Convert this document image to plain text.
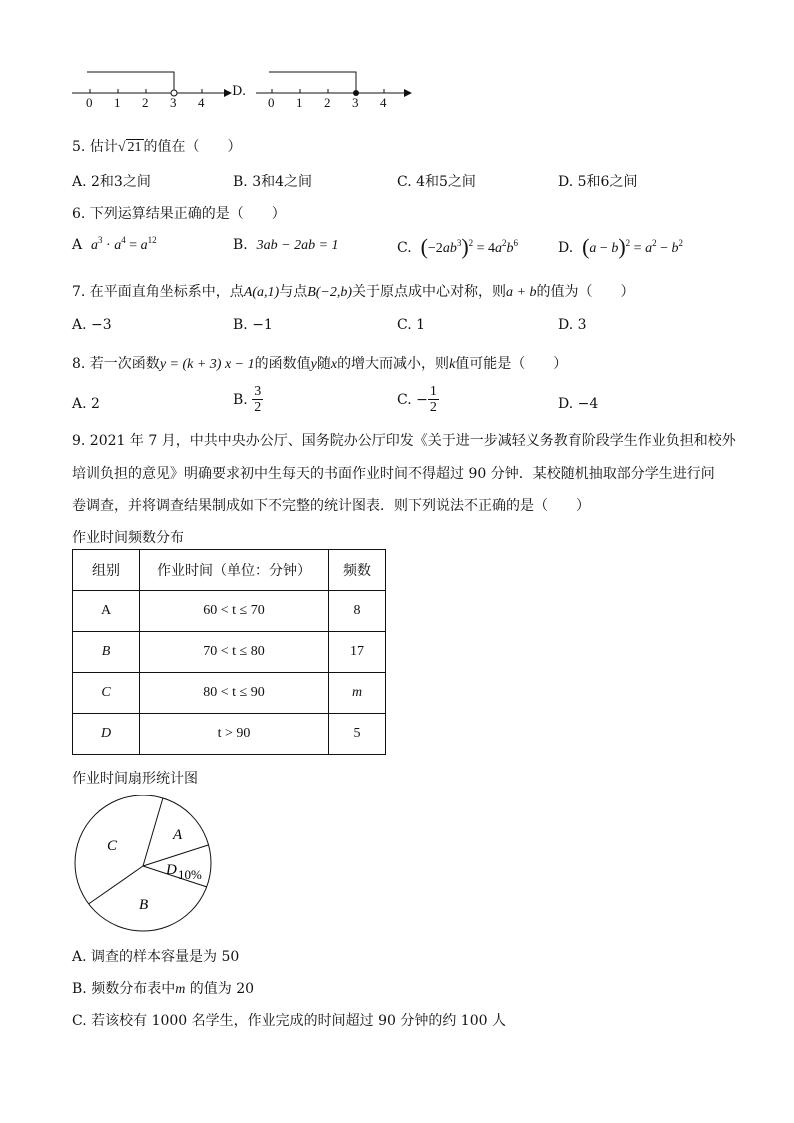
0 1 2 3 4
D.
0 1 2 3 4
5. 估计√ 21 的值在（　　）
A. 2和3之间	B. 3和4之间	C. 4和5之间	D. 5和6之间
6. 下列运算结果正确的是（　　）
A $a^3 \cdot a^4 = a^{12}$	B. 3ab − 2ab = 1	C. $(-2ab^3)^2 = 4a^2b^6$	D. $(a - b)^2 = a^2 - b^2$
7. 在平面直角坐标系中，点A(a,1)与点B(−2,b)关于原点成中心对称，则a + b的值为（　　）
A. −3	B. −1	C. 1	D. 3
8. 若一次函数y = (k + 3) x − 1的函数值y随x的增大而减小，则k值可能是（　　）
A. 2	B. $\frac{3}{2}$	C. − $\frac{1}{2}$	D. −4
9. 2021 年 7 月，中共中央办公厅、国务院办公厅印发《关于进一步减轻义务教育阶段学生作业负担和校外
培训负担的意见》明确要求初中生每天的书面作业时间不得超过 90 分钟．某校随机抽取部分学生进行问
卷调查，并将调查结果制成如下不完整的统计图表．则下列说法不正确的是（　　）
作业时间频数分布
组别	作业时间（单位：分钟）	频数
A	60 < t ≤ 70	8
B	70 < t ≤ 80	17
C	80 < t ≤ 90	m
D	t > 90	5
作业时间扇形统计图
A
D 10%
B
C
A. 调查的样本容量是为 50
B. 频数分布表中m 的值为 20
C. 若该校有 1000 名学生，作业完成的时间超过 90 分钟的约 100 人
